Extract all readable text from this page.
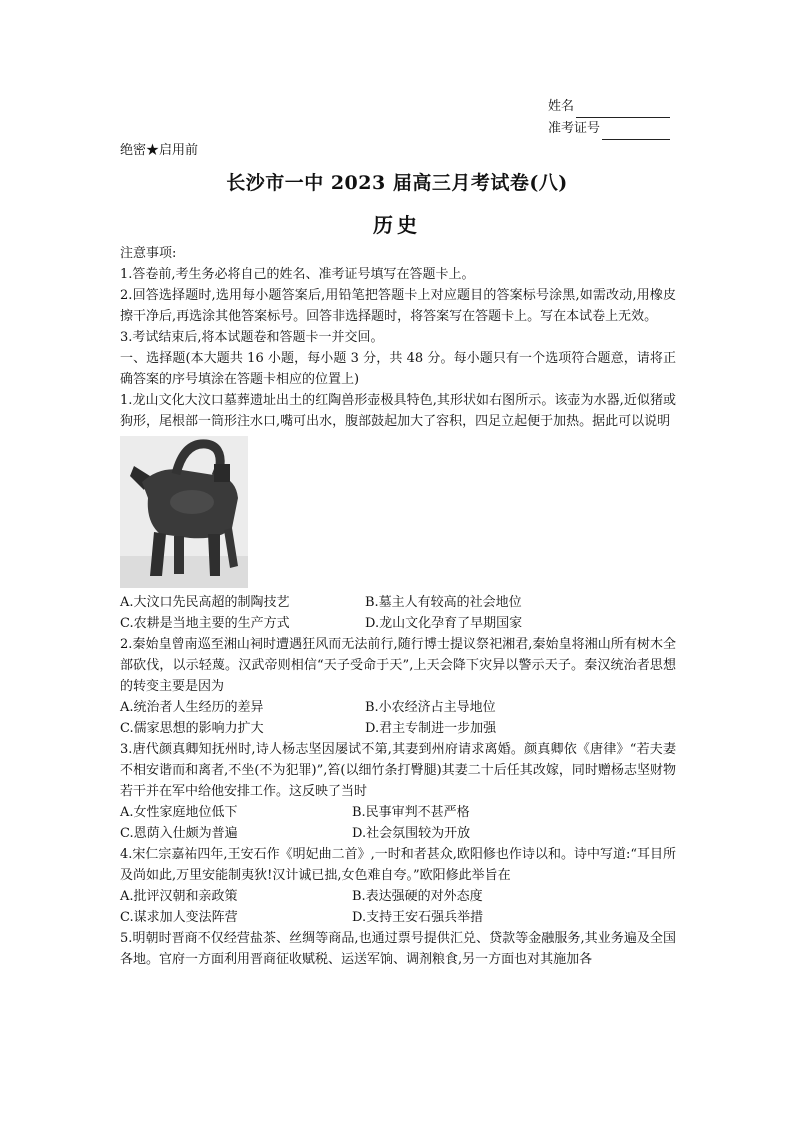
姓名
准考证号
绝密★启用前
长沙市一中 2023 届高三月考试卷(八)
历史

注意事项:

1.答卷前,考生务必将自己的姓名、准考证号填写在答题卡上。

2.回答选择题时,选用每小题答案后,用铅笔把答题卡上对应题目的答案标号涂黑,如需改动,用橡皮擦干净后,再选涂其他答案标号。回答非选择题时，将答案写在答题卡上。写在本试卷上无效。

3.考试结束后,将本试题卷和答题卡一并交回。

一、选择题(本大题共 16 小题，每小题 3 分，共 48 分。每小题只有一个选项符合题意，请将正确答案的序号填涂在答题卡相应的位置上)

1.龙山文化大汶口墓葬遗址出土的红陶兽形壶极具特色,其形状如右图所示。该壶为水器,近似猪或狗形，尾根部一筒形注水口,嘴可出水，腹部鼓起加大了容积，四足立起便于加热。据此可以说明

A.大汶口先民高超的制陶技艺	B.墓主人有较高的社会地位
C.农耕是当地主要的生产方式	D.龙山文化孕育了早期国家

2.秦始皇曾南巡至湘山祠时遭遇狂风而无法前行,随行博士提议祭祀湘君,秦始皇将湘山所有树木全部砍伐，以示轻蔑。汉武帝则相信“天子受命于天”,上天会降下灾异以警示天子。秦汉统治者思想的转变主要是因为

A.统治者人生经历的差异	B.小农经济占主导地位
C.儒家思想的影响力扩大	D.君主专制进一步加强

3.唐代颜真卿知抚州时,诗人杨志坚因屡试不第,其妻到州府请求离婚。颜真卿依《唐律》“若夫妻不相安谐而和离者,不坐(不为犯罪)”,笞(以细竹条打臀腿)其妻二十后任其改嫁，同时赠杨志坚财物若干并在军中给他安排工作。这反映了当时

A.女性家庭地位低下	B.民事审判不甚严格
C.恩荫入仕颇为普遍	D.社会氛围较为开放

4.宋仁宗嘉祐四年,王安石作《明妃曲二首》,一时和者甚众,欧阳修也作诗以和。诗中写道:“耳目所及尚如此,万里安能制夷狄!汉计诚已拙,女色难自夸。”欧阳修此举旨在

A.批评汉朝和亲政策	B.表达强硬的对外态度
C.谋求加人变法阵营	D.支持王安石强兵举措

5.明朝时晋商不仅经营盐茶、丝绸等商品,也通过票号提供汇兑、贷款等金融服务,其业务遍及全国各地。官府一方面利用晋商征收赋税、运送军饷、调剂粮食,另一方面也对其施加各
